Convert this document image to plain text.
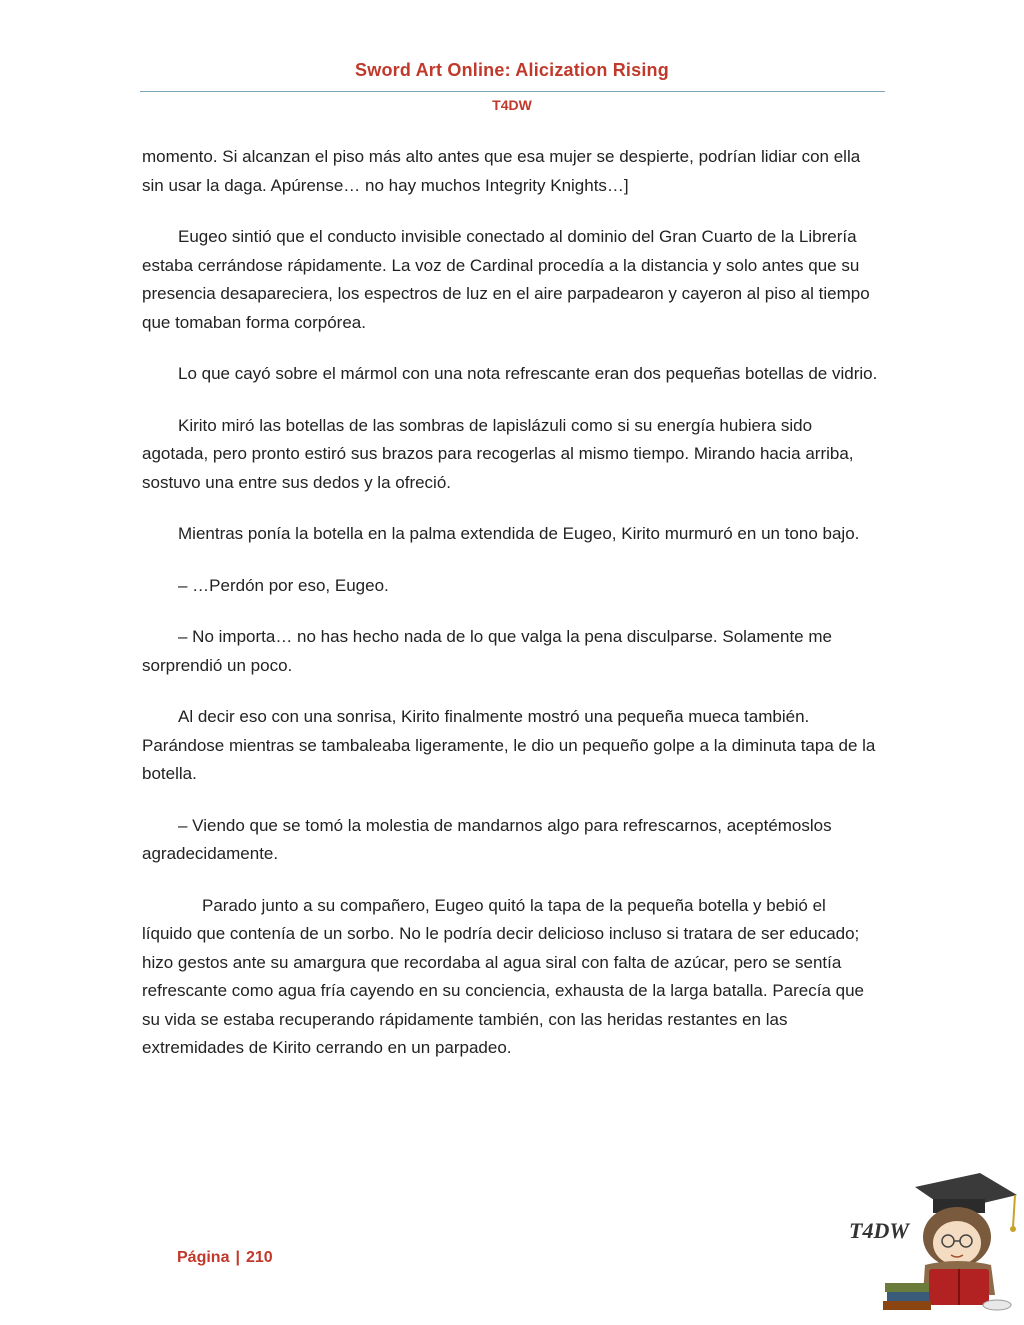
Sword Art Online: Alicization Rising
T4DW

momento. Si alcanzan el piso más alto antes que esa mujer se despierte, podrían lidiar con ella sin usar la daga. Apúrense… no hay muchos Integrity Knights…]

Eugeo sintió que el conducto invisible conectado al dominio del Gran Cuarto de la Librería estaba cerrándose rápidamente. La voz de Cardinal procedía a la distancia y solo antes que su presencia desapareciera, los espectros de luz en el aire parpadearon y cayeron al piso al tiempo que tomaban forma corpórea.

Lo que cayó sobre el mármol con una nota refrescante eran dos pequeñas botellas de vidrio.

Kirito miró las botellas de las sombras de lapislázuli como si su energía hubiera sido agotada, pero pronto estiró sus brazos para recogerlas al mismo tiempo. Mirando hacia arriba, sostuvo una entre sus dedos y la ofreció.

Mientras ponía la botella en la palma extendida de Eugeo, Kirito murmuró en un tono bajo.

– …Perdón por eso, Eugeo.

– No importa… no has hecho nada de lo que valga la pena disculparse. Solamente me sorprendió un poco.

Al decir eso con una sonrisa, Kirito finalmente mostró una pequeña mueca también. Parándose mientras se tambaleaba ligeramente, le dio un pequeño golpe a la diminuta tapa de la botella.

– Viendo que se tomó la molestia de mandarnos algo para refrescarnos, aceptémoslos agradecidamente.

Parado junto a su compañero, Eugeo quitó la tapa de la pequeña botella y bebió el líquido que contenía de un sorbo. No le podría decir delicioso incluso si tratara de ser educado; hizo gestos ante su amargura que recordaba al agua siral con falta de azúcar, pero se sentía refrescante como agua fría cayendo en su conciencia, exhausta de la larga batalla. Parecía que su vida se estaba recuperando rápidamente también, con las heridas restantes en las extremidades de Kirito cerrando en un parpadeo.

Página | 210
T4DW
